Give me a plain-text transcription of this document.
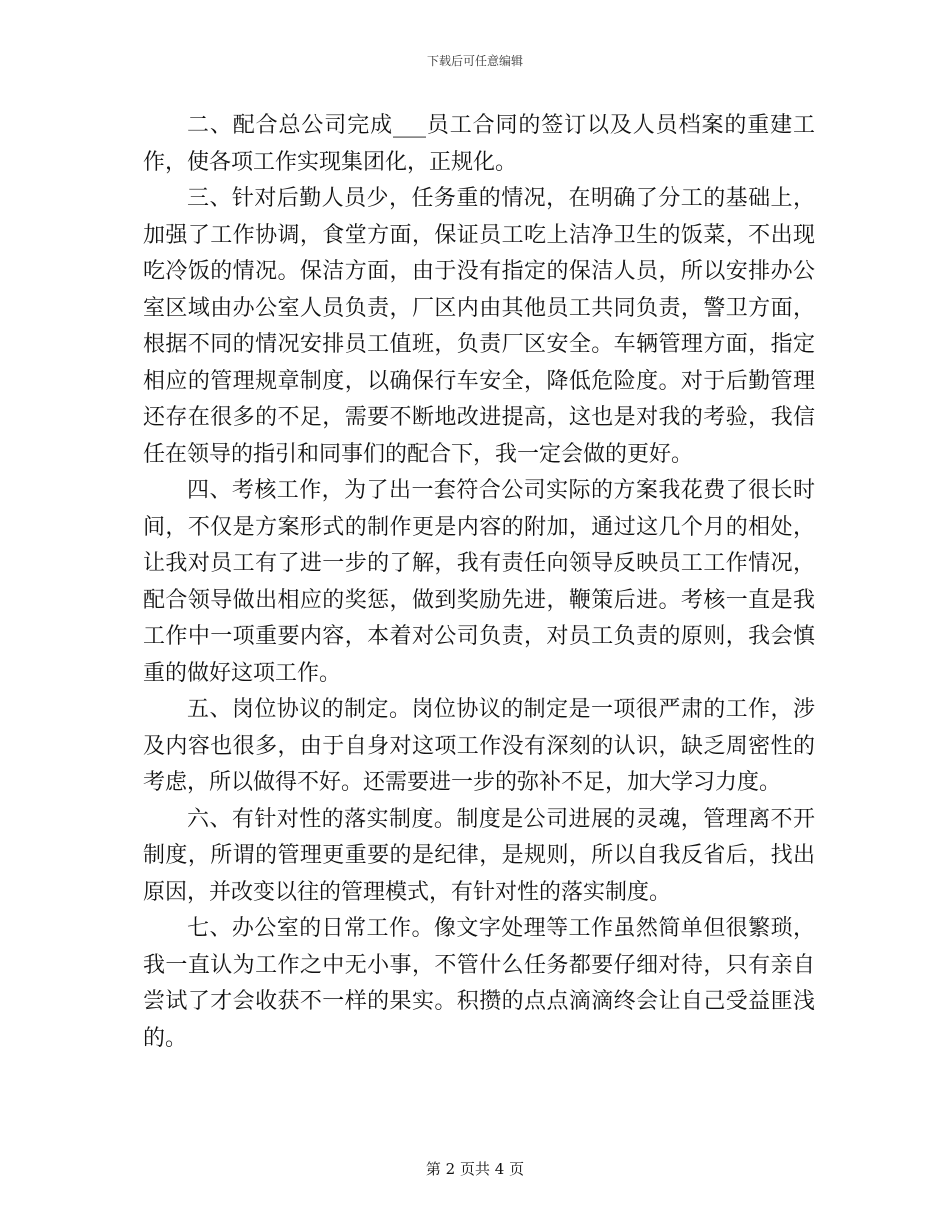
下载后可任意编辑

二、配合总公司完成___员工合同的签订以及人员档案的重建工作，使各项工作实现集团化，正规化。

三、针对后勤人员少，任务重的情况，在明确了分工的基础上，加强了工作协调，食堂方面，保证员工吃上洁净卫生的饭菜，不出现吃冷饭的情况。保洁方面，由于没有指定的保洁人员，所以安排办公室区域由办公室人员负责，厂区内由其他员工共同负责，警卫方面，根据不同的情况安排员工值班，负责厂区安全。车辆管理方面，指定相应的管理规章制度，以确保行车安全，降低危险度。对于后勤管理还存在很多的不足，需要不断地改进提高，这也是对我的考验，我信任在领导的指引和同事们的配合下，我一定会做的更好。

四、考核工作，为了出一套符合公司实际的方案我花费了很长时间，不仅是方案形式的制作更是内容的附加，通过这几个月的相处，让我对员工有了进一步的了解，我有责任向领导反映员工工作情况，配合领导做出相应的奖惩，做到奖励先进，鞭策后进。考核一直是我工作中一项重要内容，本着对公司负责，对员工负责的原则，我会慎重的做好这项工作。

五、岗位协议的制定。岗位协议的制定是一项很严肃的工作，涉及内容也很多，由于自身对这项工作没有深刻的认识，缺乏周密性的考虑，所以做得不好。还需要进一步的弥补不足，加大学习力度。

六、有针对性的落实制度。制度是公司进展的灵魂，管理离不开制度，所谓的管理更重要的是纪律，是规则，所以自我反省后，找出原因，并改变以往的管理模式，有针对性的落实制度。

七、办公室的日常工作。像文字处理等工作虽然简单但很繁琐，我一直认为工作之中无小事，不管什么任务都要仔细对待，只有亲自尝试了才会收获不一样的果实。积攒的点点滴滴终会让自己受益匪浅的。

第 2 页共 4 页
